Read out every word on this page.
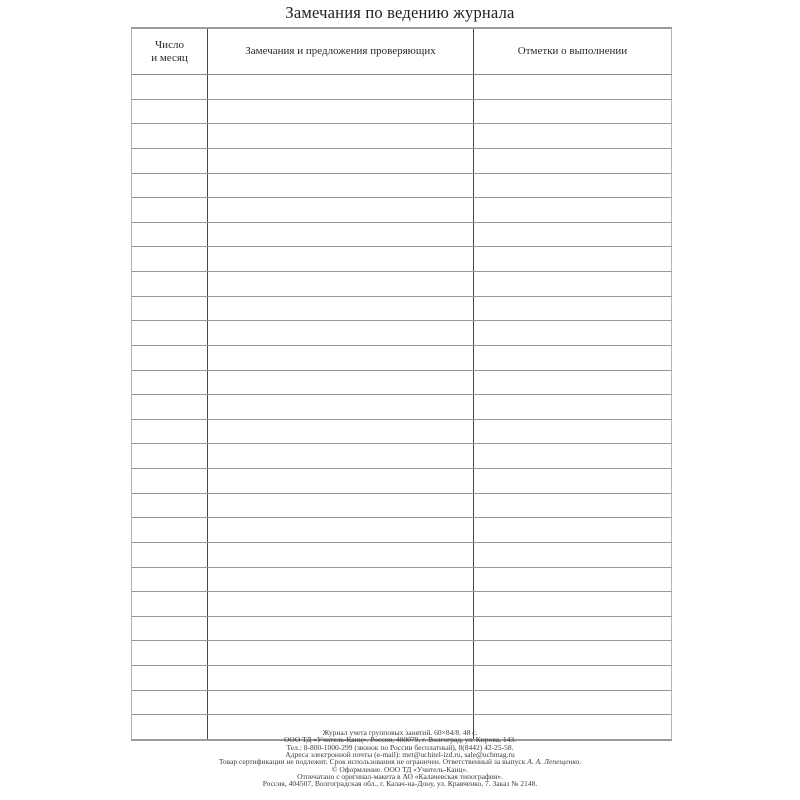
Замечания по ведению журнала
Число
и месяц	Замечания и предложения проверяющих	Отметки о выполнении

Журнал учета групповых занятий. 60×84/8. 48 с.
ООО ТД «Учитель-Канц». Россия, 400079, г. Волгоград, ул. Кирова, 143.
Тел.: 8-800-1000-299 (звонок по России бесплатный), 8(8442) 42-25-58.
Адреса электронной почты (e-mail): met@uchitel-izd.ru, sale@uchmag.ru
Товар сертификации не подлежит. Срок использования не ограничен. Ответственный за выпуск А. А. Лепещенко.
© Оформление. ООО ТД «Учитель-Канц».
Отпечатано с оригинал-макета в АО «Калачевская типография».
Россия, 404507, Волгоградская обл., г. Калач-на-Дону, ул. Кравченко, 7. Заказ № 2148.
